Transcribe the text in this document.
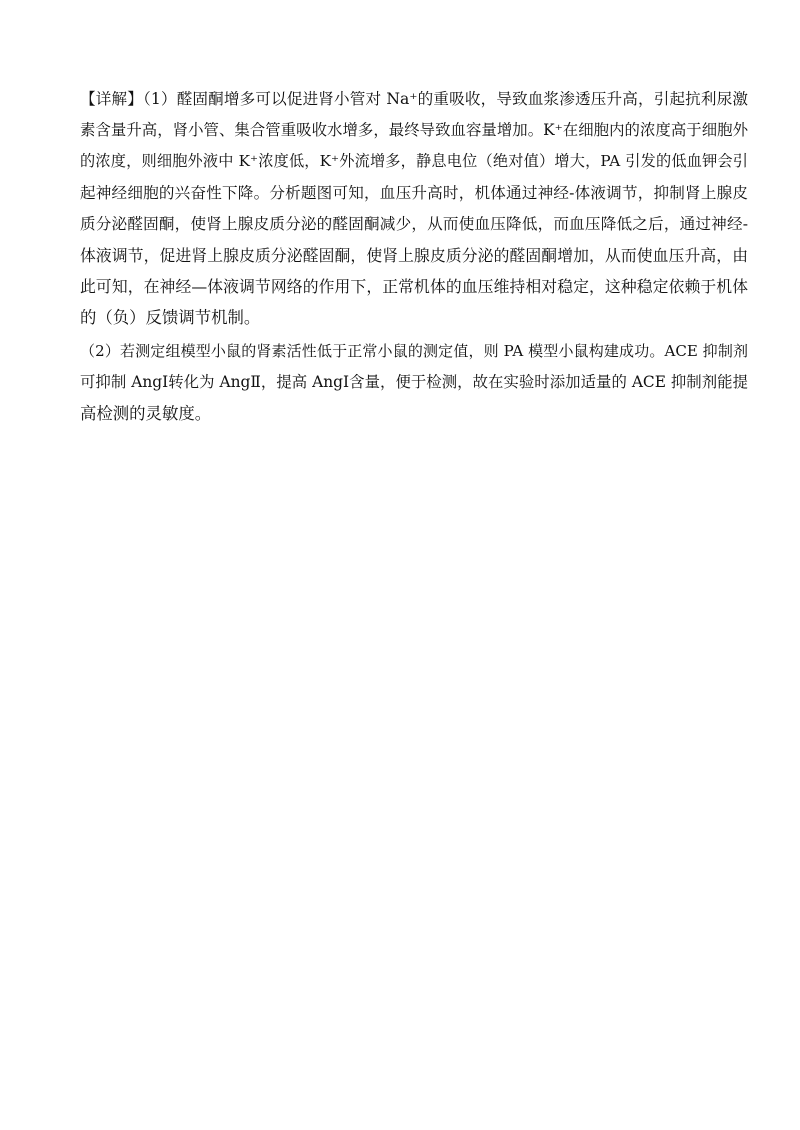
【详解】（1）醛固酮增多可以促进肾小管对 Na⁺的重吸收，导致血浆渗透压升高，引起抗利尿激
素含量升高，肾小管、集合管重吸收水增多，最终导致血容量增加。K⁺在细胞内的浓度高于细胞外
的浓度，则细胞外液中 K⁺浓度低，K⁺外流增多，静息电位（绝对值）增大，PA 引发的低血钾会引
起神经细胞的兴奋性下降。分析题图可知，血压升高时，机体通过神经-体液调节，抑制肾上腺皮
质分泌醛固酮，使肾上腺皮质分泌的醛固酮减少，从而使血压降低，而血压降低之后，通过神经-
体液调节，促进肾上腺皮质分泌醛固酮，使肾上腺皮质分泌的醛固酮增加，从而使血压升高，由
此可知，在神经—体液调节网络的作用下，正常机体的血压维持相对稳定，这种稳定依赖于机体
的（负）反馈调节机制。

（2）若测定组模型小鼠的肾素活性低于正常小鼠的测定值，则 PA 模型小鼠构建成功。ACE 抑制剂
可抑制 AngⅠ转化为 AngⅡ，提高 AngⅠ含量，便于检测，故在实验时添加适量的 ACE 抑制剂能提
高检测的灵敏度。
